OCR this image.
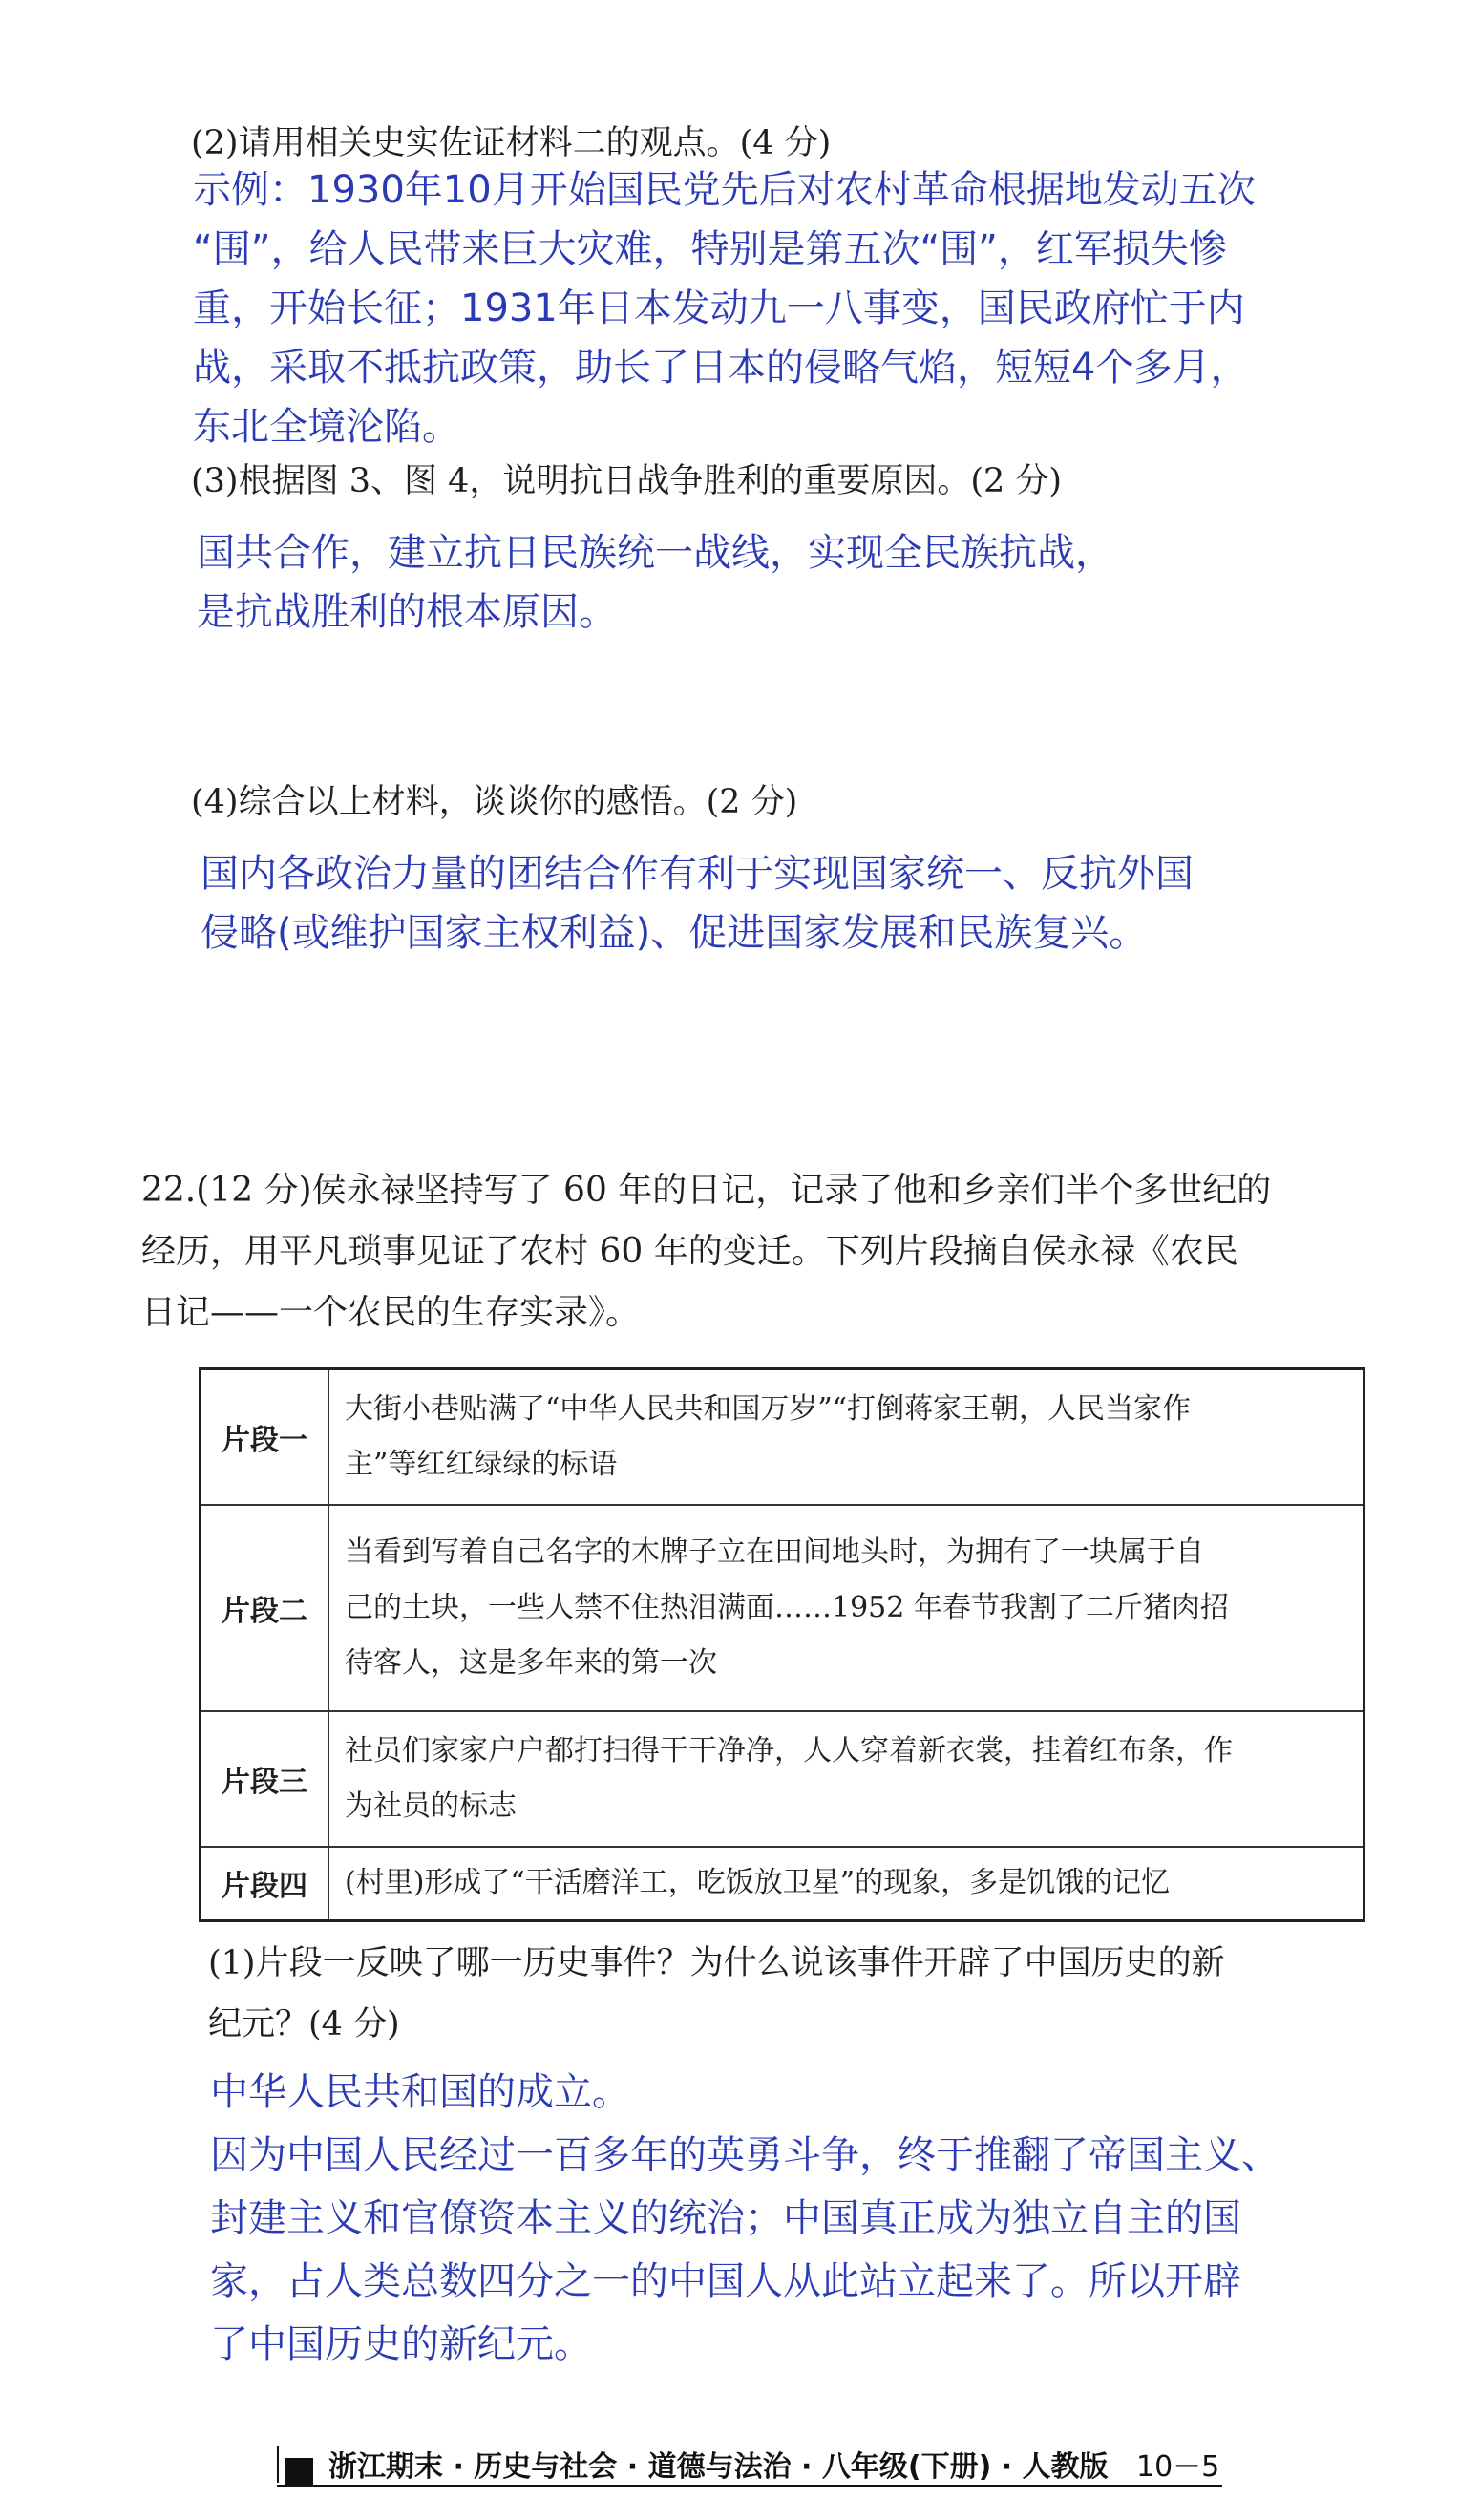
(2)请用相关史实佐证材料二的观点。(4 分)
示例：1930年10月开始国民党先后对农村革命根据地发动五次
“围”，给人民带来巨大灾难，特别是第五次“围”，红军损失惨
重，开始长征；1931年日本发动九一八事变，国民政府忙于内
战，采取不抵抗政策，助长了日本的侵略气焰，短短4个多月，
东北全境沦陷。
(3)根据图 3、图 4，说明抗日战争胜利的重要原因。(2 分)
国共合作，建立抗日民族统一战线，实现全民族抗战，
是抗战胜利的根本原因。
(4)综合以上材料，谈谈你的感悟。(2 分)
国内各政治力量的团结合作有利于实现国家统一、反抗外国
侵略(或维护国家主权利益)、促进国家发展和民族复兴。
22.(12 分)侯永禄坚持写了 60 年的日记，记录了他和乡亲们半个多世纪的
经历，用平凡琐事见证了农村 60 年的变迁。下列片段摘自侯永禄《农民
日记——一个农民的生存实录》。
片段一	大街小巷贴满了“中华人民共和国万岁”“打倒蒋家王朝，人民当家作
主”等红红绿绿的标语

片段二	当看到写着自己名字的木牌子立在田间地头时，为拥有了一块属于自
己的土块，一些人禁不住热泪满面……1952 年春节我割了二斤猪肉招
待客人，这是多年来的第一次

片段三	社员们家家户户都打扫得干干净净，人人穿着新衣裳，挂着红布条，作
为社员的标志

片段四	(村里)形成了“干活磨洋工，吃饭放卫星”的现象，多是饥饿的记忆
(1)片段一反映了哪一历史事件？为什么说该事件开辟了中国历史的新
纪元？(4 分)
中华人民共和国的成立。
因为中国人民经过一百多年的英勇斗争，终于推翻了帝国主义、
封建主义和官僚资本主义的统治；中国真正成为独立自主的国
家，占人类总数四分之一的中国人从此站立起来了。所以开辟
了中国历史的新纪元。
浙江期末 · 历史与社会 · 道德与法治 · 八年级(下册) · 人教版 10－5
